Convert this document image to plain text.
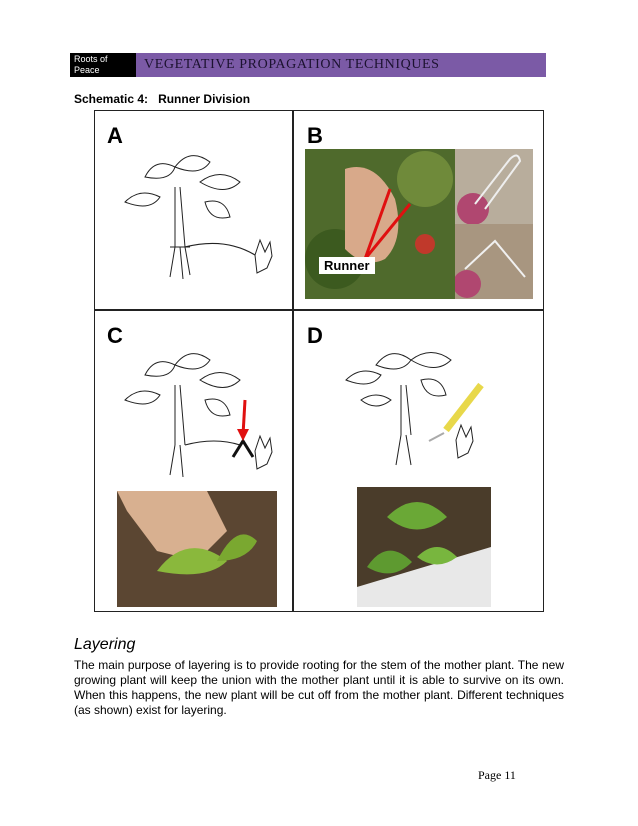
Roots of
Peace	VEGETATIVE PROPAGATION TECHNIQUES
Schematic 4: Runner Division
A	B
Runner
C	D
Layering
The main purpose of layering is to provide rooting for the stem of the mother plant. The new growing plant will keep the union with the mother plant until it is able to survive on its own. When this happens, the new plant will be cut off from the mother plant. Different techniques (as shown) exist for layering.
Page 11
